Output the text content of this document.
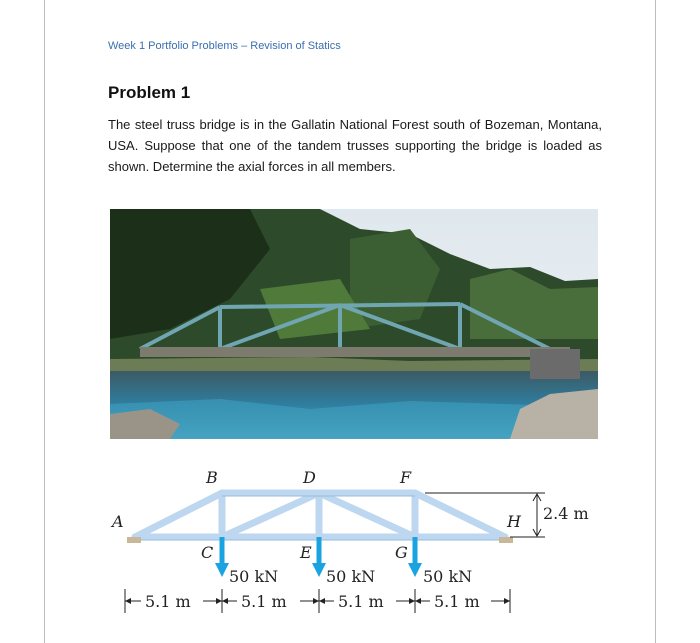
Week 1 Portfolio Problems – Revision of Statics
Problem 1
The steel truss bridge is in the Gallatin National Forest south of Bozeman, Montana, USA. Suppose that one of the tandem trusses supporting the bridge is loaded as shown. Determine the axial forces in all members.
B	D	F
A
C	E	G
H
50 kN	50 kN	50 kN
2.4 m
5.1 m	5.1 m	5.1 m	5.1 m
